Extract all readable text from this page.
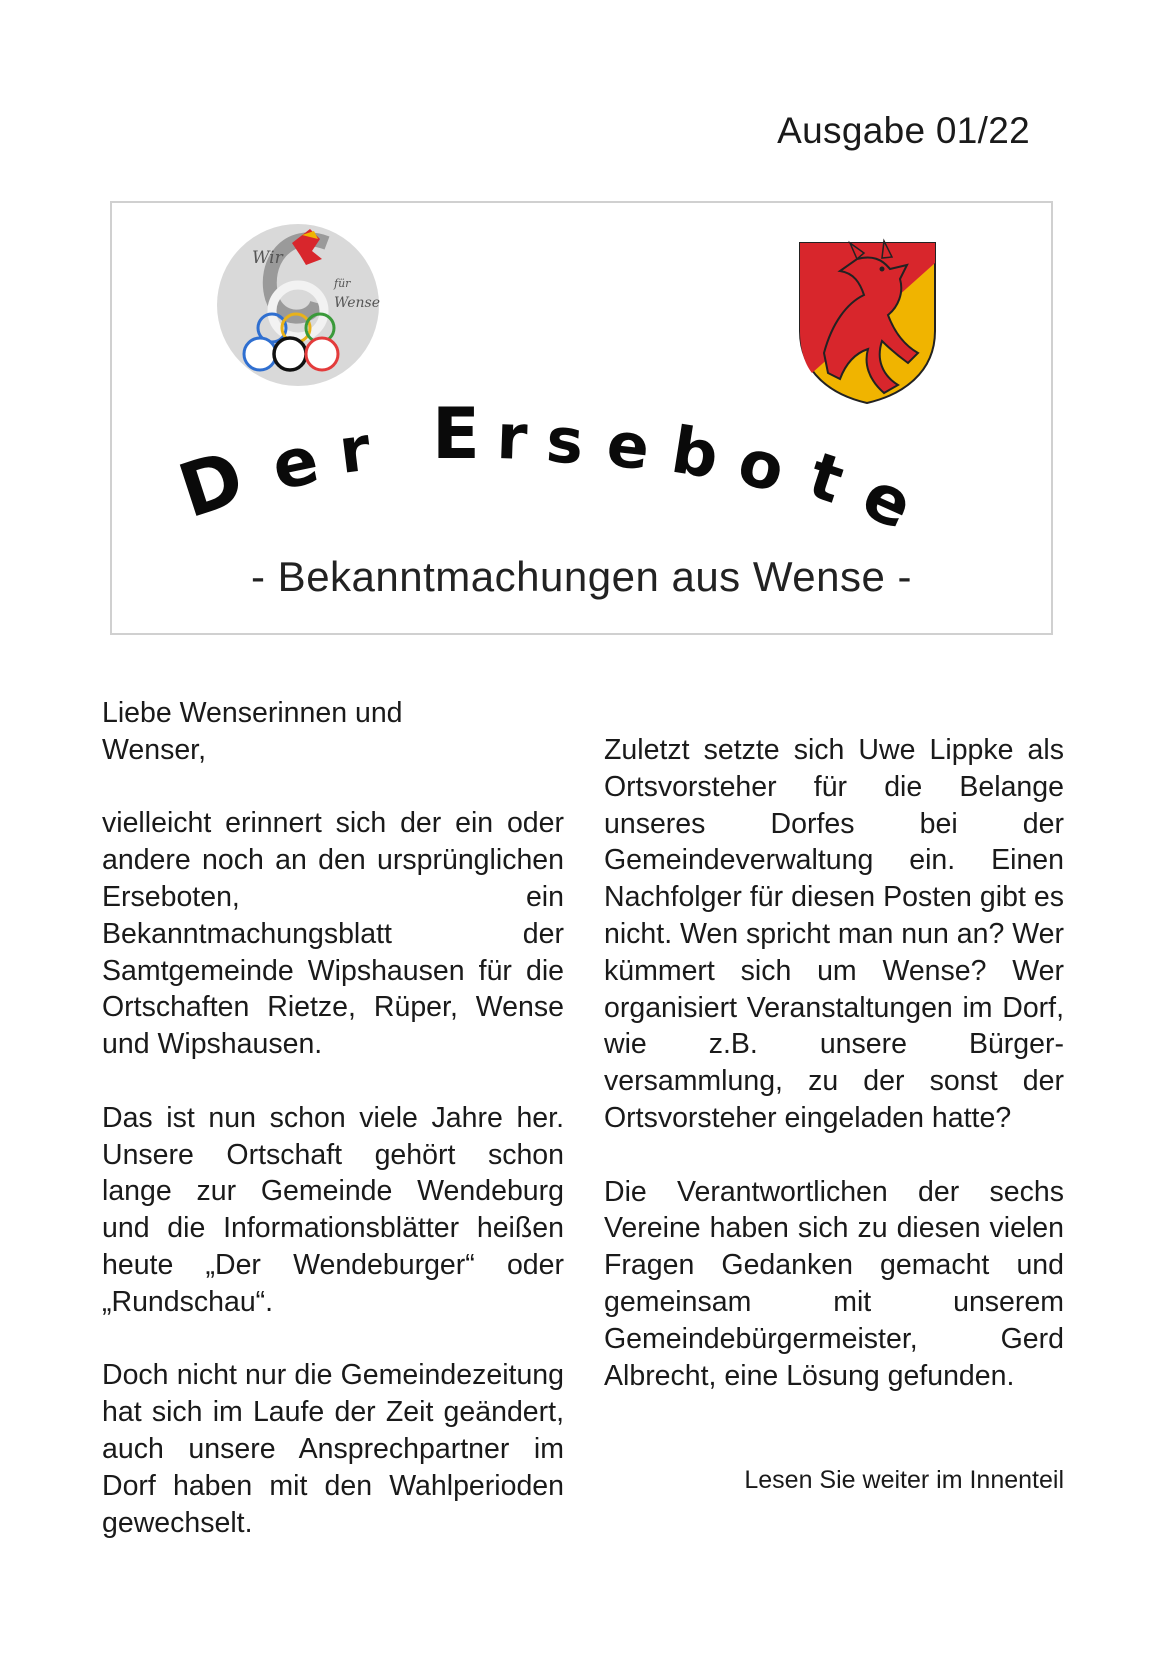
Ausgabe 01/22
Wir
für
Wense
D e r E r s e b o t e
- Bekanntmachungen aus Wense -

Liebe Wenserinnen und
Wenser,

vielleicht erinnert sich der ein oder andere noch an den ursprünglichen Erseboten, ein Bekanntmachungsblatt der Samtgemeinde Wipshausen für die Ortschaften Rietze, Rüper, Wense und Wipshausen.

Das ist nun schon viele Jahre her. Unsere Ortschaft gehört schon lange zur Gemeinde Wendeburg und die Informationsblätter heißen heute „Der Wendeburger“ oder „Rundschau“.

Doch nicht nur die Gemeindezeitung hat sich im Laufe der Zeit geändert, auch unsere Ansprechpartner im Dorf haben mit den Wahlperioden gewechselt.

Zuletzt setzte sich Uwe Lippke als Ortsvorsteher für die Belange unseres Dorfes bei der Gemeindeverwaltung ein. Einen Nachfolger für diesen Posten gibt es nicht. Wen spricht man nun an? Wer kümmert sich um Wense? Wer organisiert Veranstaltungen im Dorf, wie z.B. unsere Bürgerversammlung, zu der sonst der Ortsvorsteher eingeladen hatte?

Die Verantwortlichen der sechs Vereine haben sich zu diesen vielen Fragen Gedanken gemacht und gemeinsam mit unserem Gemeindebürgermeister, Gerd Albrecht, eine Lösung gefunden.

Lesen Sie weiter im Innenteil
